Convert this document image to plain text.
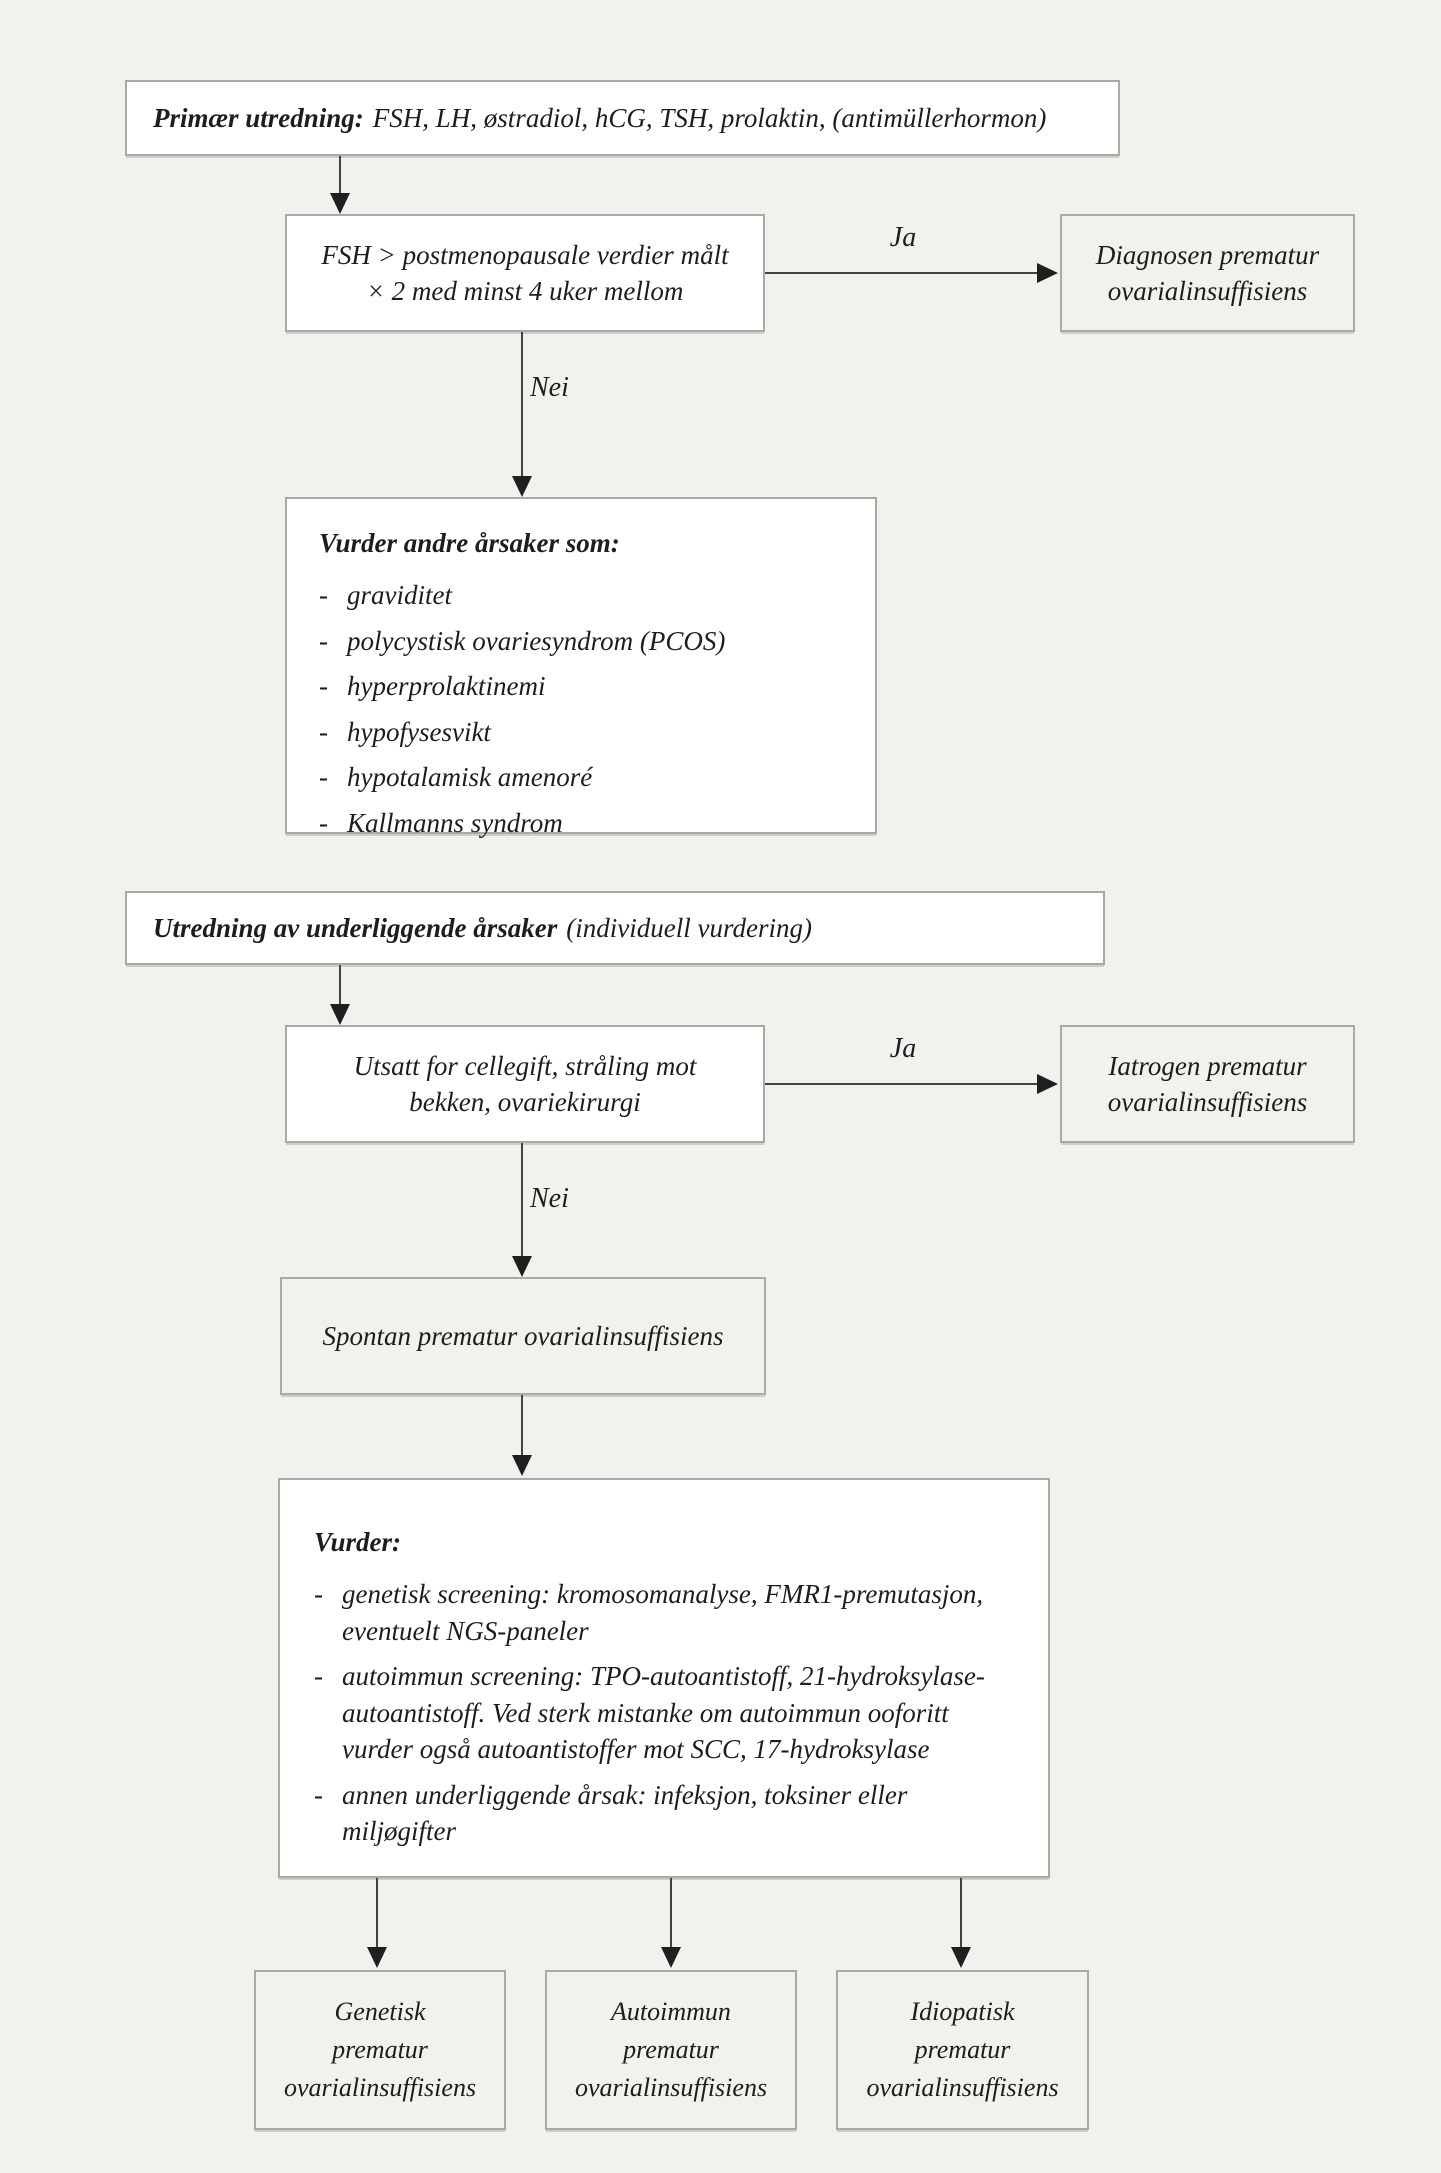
Primær utredning: FSH, LH, østradiol, hCG, TSH, prolaktin, (antimüllerhormon)
FSH > postmenopausale verdier målt
× 2 med minst 4 uker mellom
Ja
Diagnosen prematur
ovarialinsuffisiens
Nei
Vurder andre årsaker som:
- graviditet
- polycystisk ovariesyndrom (PCOS)
- hyperprolaktinemi
- hypofysesvikt
- hypotalamisk amenoré
- Kallmanns syndrom
Utredning av underliggende årsaker (individuell vurdering)
Utsatt for cellegift, stråling mot
bekken, ovariekirurgi
Ja
Iatrogen prematur
ovarialinsuffisiens
Nei
Spontan prematur ovarialinsuffisiens
Vurder:
- genetisk screening: kromosomanalyse, FMR1-premutasjon, eventuelt NGS-paneler
- autoimmun screening: TPO-autoantistoff, 21-hydroksylase-autoantistoff. Ved sterk mistanke om autoimmun ooforitt vurder også autoantistoffer mot SCC, 17-hydroksylase
- annen underliggende årsak: infeksjon, toksiner eller miljøgifter
Genetisk
prematur
ovarialinsuffisiens
Autoimmun
prematur
ovarialinsuffisiens
Idiopatisk
prematur
ovarialinsuffisiens
